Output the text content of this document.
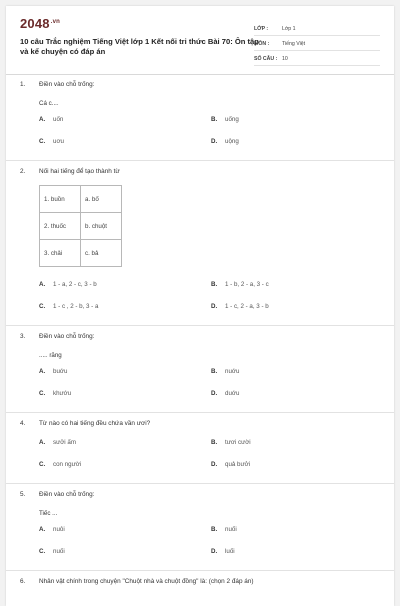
$2048^{.vn}$
10 câu Trắc nghiệm Tiếng Việt lớp 1 Kết nối tri thức Bài 70: Ôn tập và kể chuyện có đáp án
LỚP :	Lớp 1
MÔN :	Tiếng Việt
SỐ CÂU : 10
1. Điền vào chỗ trống:
Cá c....
A. uốn	B. uống
C. uơu	D. uộng
2. Nối hai tiếng để tạo thành từ
1. buồn	a. bố
2. thuốc	b. chuột
3. chải	c. bả
A. 1 - a, 2 - c, 3 - b	B. 1 - b, 2 - a, 3 - c
C. 1 - c , 2 - b, 3 - a	D. 1 - c, 2 - a, 3 - b
3. Điền vào chỗ trống:
..... răng
A. buớu	B. nuớu
C. khướu	D. duớu
4. Từ nào có hai tiếng đều chứa vần ươi?
A. sưởi ấm	B. tươi cười
C. con người	D. quả bưởi
5. Điền vào chỗ trống:
Tiếc ...
A. nuôi	B. nuối
C. nuối	D. luối
6. Nhân vật chính trong chuyện "Chuột nhà và chuột đồng" là: (chọn 2 đáp án)
